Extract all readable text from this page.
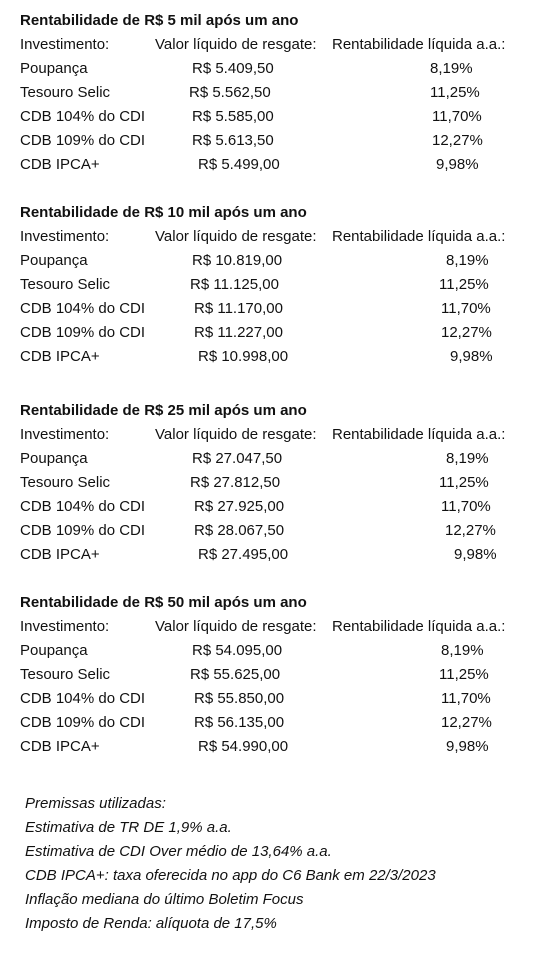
Rentabilidade de R$ 5 mil após um ano
Investimento:	Valor líquido de resgate: Rentabilidade líquida a.a.:
Poupança	R$ 5.409,50	8,19%
Tesouro Selic	R$ 5.562,50	11,25%
CDB 104% do CDI	R$ 5.585,00	11,70%
CDB 109% do CDI	R$ 5.613,50	12,27%
CDB IPCA+	R$ 5.499,00	9,98%
Rentabilidade de R$ 10 mil após um ano
Investimento:	Valor líquido de resgate: Rentabilidade líquida a.a.:
Poupança	R$ 10.819,00	8,19%
Tesouro Selic	R$ 11.125,00	11,25%
CDB 104% do CDI	R$ 11.170,00	11,70%
CDB 109% do CDI	R$ 11.227,00	12,27%
CDB IPCA+	R$ 10.998,00	9,98%
Rentabilidade de R$ 25 mil após um ano
Investimento:	Valor líquido de resgate: Rentabilidade líquida a.a.:
Poupança	R$ 27.047,50	8,19%
Tesouro Selic	R$ 27.812,50	11,25%
CDB 104% do CDI	R$ 27.925,00	11,70%
CDB 109% do CDI	R$ 28.067,50	12,27%
CDB IPCA+	R$ 27.495,00	9,98%
Rentabilidade de R$ 50 mil após um ano
Investimento:	Valor líquido de resgate: Rentabilidade líquida a.a.:
Poupança	R$ 54.095,00	8,19%
Tesouro Selic	R$ 55.625,00	11,25%
CDB 104% do CDI	R$ 55.850,00	11,70%
CDB 109% do CDI	R$ 56.135,00	12,27%
CDB IPCA+	R$ 54.990,00	9,98%
Premissas utilizadas:
Estimativa de TR DE 1,9% a.a.
Estimativa de CDI Over médio de 13,64% a.a.
CDB IPCA+: taxa oferecida no app do C6 Bank em 22/3/2023
Inflação mediana do último Boletim Focus
Imposto de Renda: alíquota de 17,5%
